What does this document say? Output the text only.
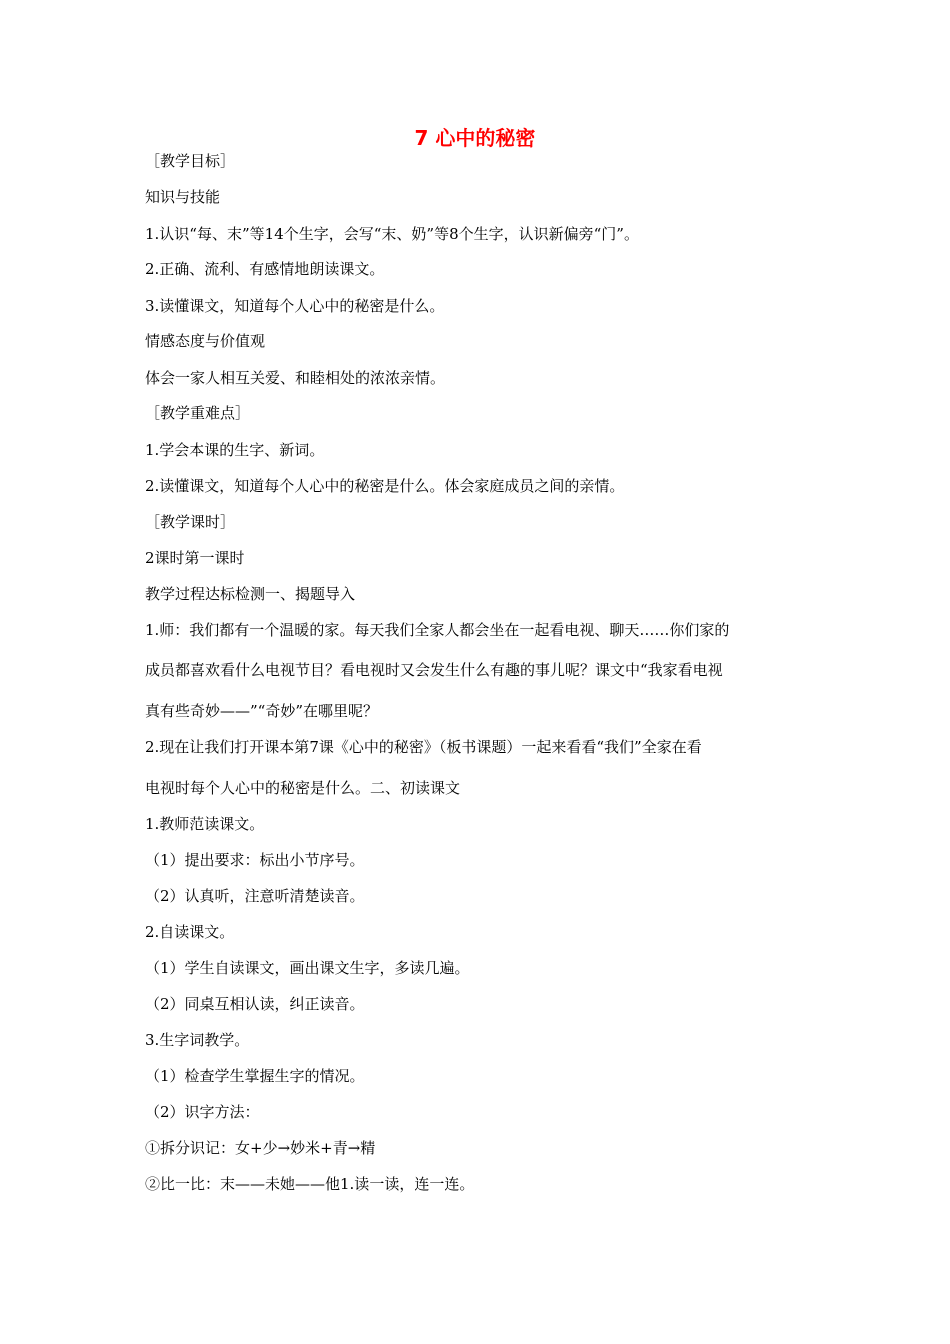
7 心中的秘密
［教学目标］
知识与技能
1.认识“每、末”等14个生字，会写“末、奶”等8个生字，认识新偏旁“门”。
2.正确、流利、有感情地朗读课文。
3.读懂课文，知道每个人心中的秘密是什么。
情感态度与价值观
体会一家人相互关爱、和睦相处的浓浓亲情。
［教学重难点］
1.学会本课的生字、新词。
2.读懂课文，知道每个人心中的秘密是什么。体会家庭成员之间的亲情。
［教学课时］
2课时第一课时
教学过程达标检测一、揭题导入
1.师：我们都有一个温暖的家。每天我们全家人都会坐在一起看电视、聊天……你们家的
成员都喜欢看什么电视节目？看电视时又会发生什么有趣的事儿呢？课文中“我家看电视
真有些奇妙——”“奇妙”在哪里呢？
2.现在让我们打开课本第7课《心中的秘密》（板书课题）一起来看看“我们”全家在看
电视时每个人心中的秘密是什么。二、初读课文
1.教师范读课文。
（1）提出要求：标出小节序号。
（2）认真听，注意听清楚读音。
2.自读课文。
（1）学生自读课文，画出课文生字，多读几遍。
（2）同桌互相认读，纠正读音。
3.生字词教学。
（1）检查学生掌握生字的情况。
（2）识字方法：
①拆分识记：女+少→妙米+青→精
②比一比：末——未她——他1.读一读，连一连。
